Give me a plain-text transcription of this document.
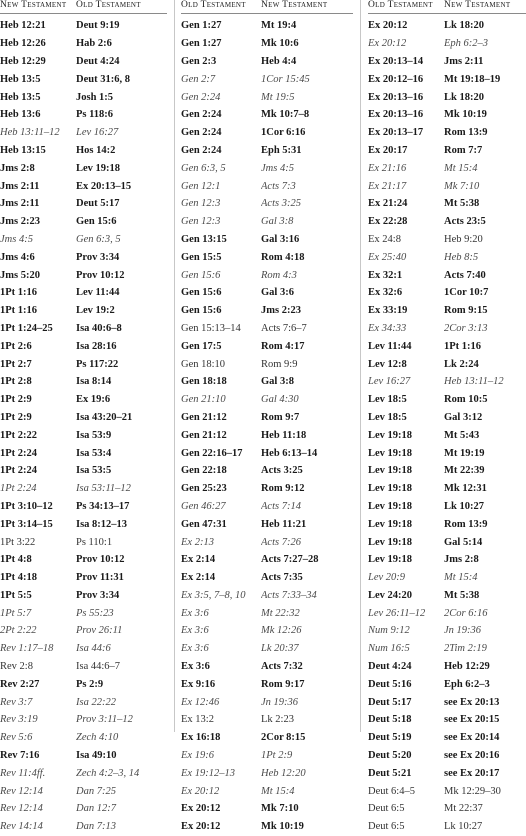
New Testament	Old Testament
Heb 12:21	Deut 9:19
Heb 12:26	Hab 2:6
Heb 12:29	Deut 4:24
Heb 13:5	Deut 31:6, 8
Heb 13:5	Josh 1:5
Heb 13:6	Ps 118:6
Heb 13:11–12	Lev 16:27
Heb 13:15	Hos 14:2
Jms 2:8	Lev 19:18
Jms 2:11	Ex 20:13–15
Jms 2:11	Deut 5:17
Jms 2:23	Gen 15:6
Jms 4:5	Gen 6:3, 5
Jms 4:6	Prov 3:34
Jms 5:20	Prov 10:12
1Pt 1:16	Lev 11:44
1Pt 1:16	Lev 19:2
1Pt 1:24–25	Isa 40:6–8
1Pt 2:6	Isa 28:16
1Pt 2:7	Ps 117:22
1Pt 2:8	Isa 8:14
1Pt 2:9	Ex 19:6
1Pt 2:9	Isa 43:20–21
1Pt 2:22	Isa 53:9
1Pt 2:24	Isa 53:4
1Pt 2:24	Isa 53:5
1Pt 2:24	Isa 53:11–12
1Pt 3:10–12	Ps 34:13–17
1Pt 3:14–15	Isa 8:12–13
1Pt 3:22	Ps 110:1
1Pt 4:8	Prov 10:12
1Pt 4:18	Prov 11:31
1Pt 5:5	Prov 3:34
1Pt 5:7	Ps 55:23
2Pt 2:22	Prov 26:11
Rev 1:17–18	Isa 44:6
Rev 2:8	Isa 44:6–7
Rev 2:27	Ps 2:9
Rev 3:7	Isa 22:22
Rev 3:19	Prov 3:11–12
Rev 5:6	Zech 4:10
Rev 7:16	Isa 49:10
Rev 11:4ff.	Zech 4:2–3, 14
Rev 12:14	Dan 7:25
Rev 12:14	Dan 12:7
Rev 14:14	Dan 7:13
Old Testament	New Testament
Gen 1:27	Mt 19:4
Gen 1:27	Mk 10:6
Gen 2:3	Heb 4:4
Gen 2:7	1Cor 15:45
Gen 2:24	Mt 19:5
Gen 2:24	Mk 10:7–8
Gen 2:24	1Cor 6:16
Gen 2:24	Eph 5:31
Gen 6:3, 5	Jms 4:5
Gen 12:1	Acts 7:3
Gen 12:3	Acts 3:25
Gen 12:3	Gal 3:8
Gen 13:15	Gal 3:16
Gen 15:5	Rom 4:18
Gen 15:6	Rom 4:3
Gen 15:6	Gal 3:6
Gen 15:6	Jms 2:23
Gen 15:13–14	Acts 7:6–7
Gen 17:5	Rom 4:17
Gen 18:10	Rom 9:9
Gen 18:18	Gal 3:8
Gen 21:10	Gal 4:30
Gen 21:12	Rom 9:7
Gen 21:12	Heb 11:18
Gen 22:16–17	Heb 6:13–14
Gen 22:18	Acts 3:25
Gen 25:23	Rom 9:12
Gen 46:27	Acts 7:14
Gen 47:31	Heb 11:21
Ex 2:13	Acts 7:26
Ex 2:14	Acts 7:27–28
Ex 2:14	Acts 7:35
Ex 3:5, 7–8, 10	Acts 7:33–34
Ex 3:6	Mt 22:32
Ex 3:6	Mk 12:26
Ex 3:6	Lk 20:37
Ex 3:6	Acts 7:32
Ex 9:16	Rom 9:17
Ex 12:46	Jn 19:36
Ex 13:2	Lk 2:23
Ex 16:18	2Cor 8:15
Ex 19:6	1Pt 2:9
Ex 19:12–13	Heb 12:20
Ex 20:12	Mt 15:4
Ex 20:12	Mk 7:10
Ex 20:12	Mk 10:19
Old Testament	New Testament
Ex 20:12	Lk 18:20
Ex 20:12	Eph 6:2–3
Ex 20:13–14	Jms 2:11
Ex 20:12–16	Mt 19:18–19
Ex 20:13–16	Lk 18:20
Ex 20:13–16	Mk 10:19
Ex 20:13–17	Rom 13:9
Ex 20:17	Rom 7:7
Ex 21:16	Mt 15:4
Ex 21:17	Mk 7:10
Ex 21:24	Mt 5:38
Ex 22:28	Acts 23:5
Ex 24:8	Heb 9:20
Ex 25:40	Heb 8:5
Ex 32:1	Acts 7:40
Ex 32:6	1Cor 10:7
Ex 33:19	Rom 9:15
Ex 34:33	2Cor 3:13
Lev 11:44	1Pt 1:16
Lev 12:8	Lk 2:24
Lev 16:27	Heb 13:11–12
Lev 18:5	Rom 10:5
Lev 18:5	Gal 3:12
Lev 19:18	Mt 5:43
Lev 19:18	Mt 19:19
Lev 19:18	Mt 22:39
Lev 19:18	Mk 12:31
Lev 19:18	Lk 10:27
Lev 19:18	Rom 13:9
Lev 19:18	Gal 5:14
Lev 19:18	Jms 2:8
Lev 20:9	Mt 15:4
Lev 24:20	Mt 5:38
Lev 26:11–12	2Cor 6:16
Num 9:12	Jn 19:36
Num 16:5	2Tim 2:19
Deut 4:24	Heb 12:29
Deut 5:16	Eph 6:2–3
Deut 5:17	see Ex 20:13
Deut 5:18	see Ex 20:15
Deut 5:19	see Ex 20:14
Deut 5:20	see Ex 20:16
Deut 5:21	see Ex 20:17
Deut 6:4–5	Mk 12:29–30
Deut 6:5	Mt 22:37
Deut 6:5	Lk 10:27
